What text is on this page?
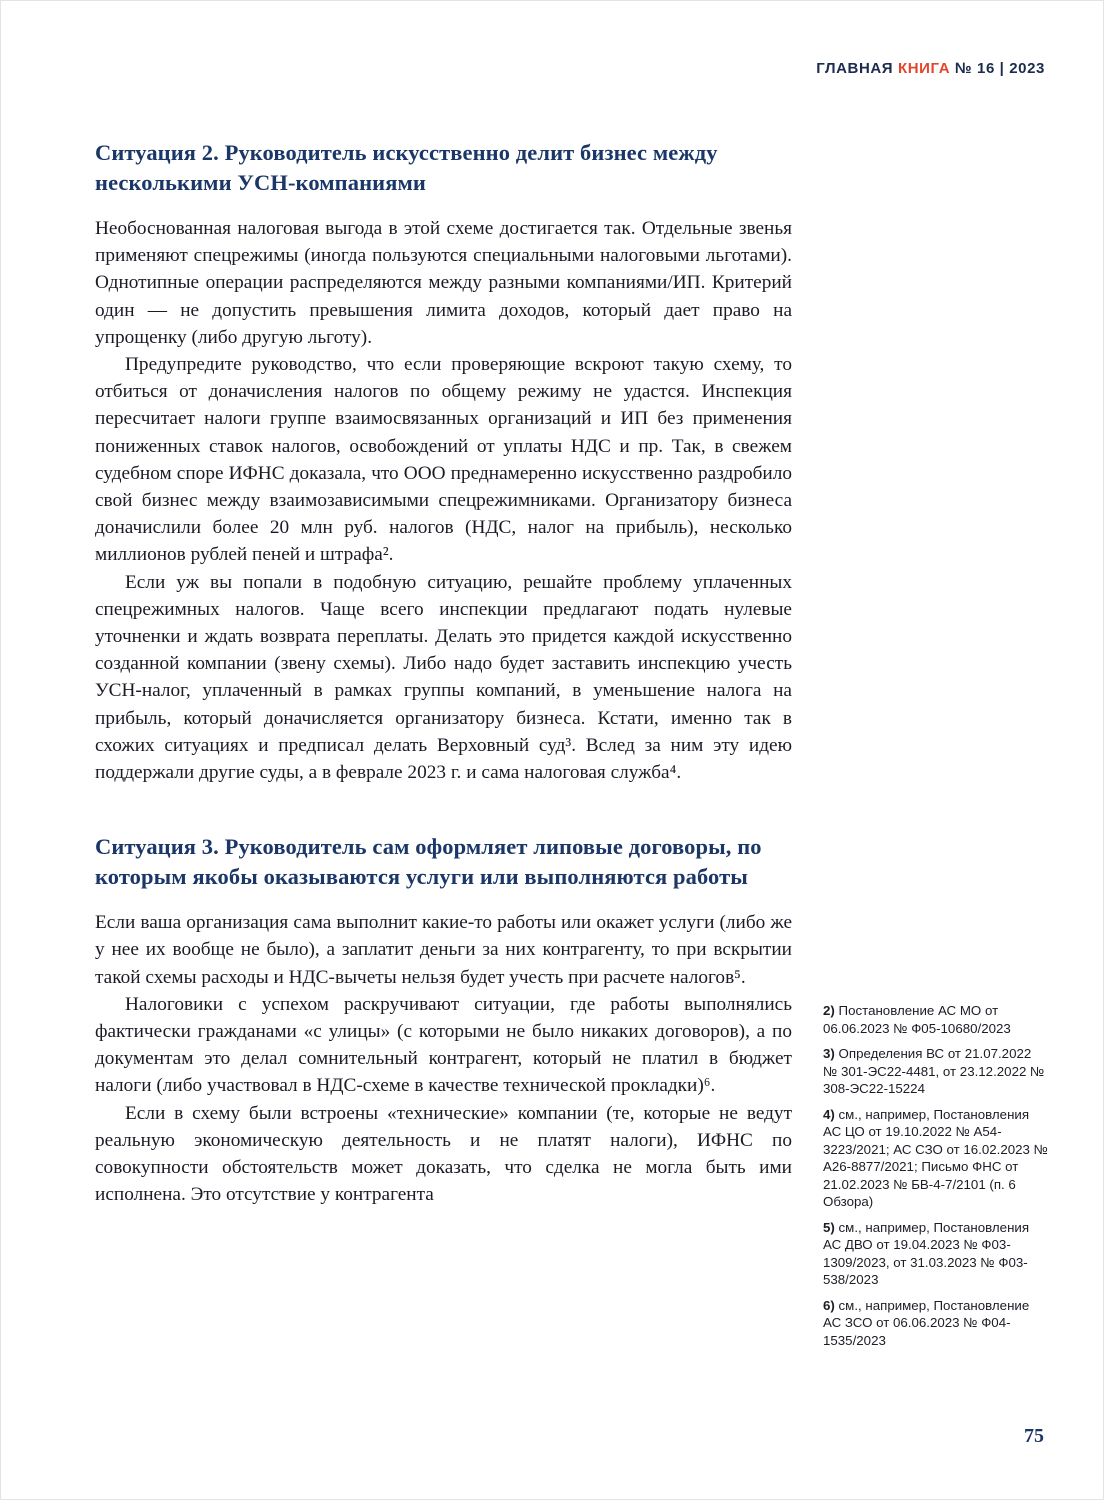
ГЛАВНАЯ КНИГА № 16 | 2023
Ситуация 2. Руководитель искусственно делит бизнес между несколькими УСН-компаниями

Необоснованная налоговая выгода в этой схеме достигается так. Отдельные звенья применяют спецрежимы (иногда пользуются специальными налоговыми льготами). Однотипные операции распределяются между разными компаниями/ИП. Критерий один — не допустить превышения лимита доходов, который дает право на упрощенку (либо другую льготу).

Предупредите руководство, что если проверяющие вскроют такую схему, то отбиться от доначисления налогов по общему режиму не удастся. Инспекция пересчитает налоги группе взаимосвязанных организаций и ИП без применения пониженных ставок налогов, освобождений от уплаты НДС и пр. Так, в свежем судебном споре ИФНС доказала, что ООО преднамеренно искусственно раздробило свой бизнес между взаимозависимыми спецрежимниками. Организатору бизнеса доначислили более 20 млн руб. налогов (НДС, налог на прибыль), несколько миллионов рублей пеней и штрафа².

Если уж вы попали в подобную ситуацию, решайте проблему уплаченных спецрежимных налогов. Чаще всего инспекции предлагают подать нулевые уточненки и ждать возврата переплаты. Делать это придется каждой искусственно созданной компании (звену схемы). Либо надо будет заставить инспекцию учесть УСН-налог, уплаченный в рамках группы компаний, в уменьшение налога на прибыль, который доначисляется организатору бизнеса. Кстати, именно так в схожих ситуациях и предписал делать Верховный суд³. Вслед за ним эту идею поддержали другие суды, а в феврале 2023 г. и сама налоговая служба⁴.

Ситуация 3. Руководитель сам оформляет липовые договоры, по которым якобы оказываются услуги или выполняются работы

Если ваша организация сама выполнит какие-то работы или окажет услуги (либо же у нее их вообще не было), а заплатит деньги за них контрагенту, то при вскрытии такой схемы расходы и НДС-вычеты нельзя будет учесть при расчете налогов⁵.

Налоговики с успехом раскручивают ситуации, где работы выполнялись фактически гражданами «с улицы» (с которыми не было никаких договоров), а по документам это делал сомнительный контрагент, который не платил в бюджет налоги (либо участвовал в НДС-схеме в качестве технической прокладки)⁶.

Если в схему были встроены «технические» компании (те, которые не ведут реальную экономическую деятельность и не платят налоги), ИФНС по совокупности обстоятельств может доказать, что сделка не могла быть ими исполнена. Это отсутствие у контрагента

2) Постановление АС МО от 06.06.2023 № Ф05-10680/2023
3) Определения ВС от 21.07.2022 № 301-ЭС22-4481, от 23.12.2022 № 308-ЭС22-15224
4) см., например, Постановления АС ЦО от 19.10.2022 № А54-3223/2021; АС СЗО от 16.02.2023 № А26-8877/2021; Письмо ФНС от 21.02.2023 № БВ-4-7/2101 (п. 6 Обзора)
5) см., например, Постановления АС ДВО от 19.04.2023 № Ф03-1309/2023, от 31.03.2023 № Ф03-538/2023
6) см., например, Постановление АС ЗСО от 06.06.2023 № Ф04-1535/2023
75
